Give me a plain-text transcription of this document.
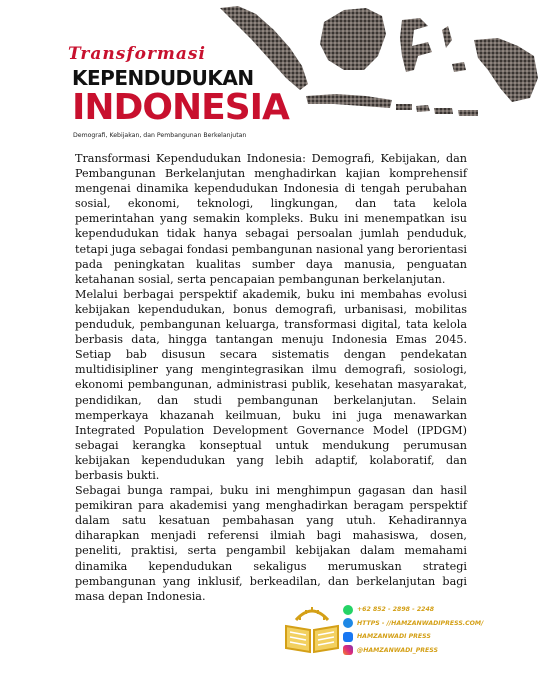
Transformasi
KEPENDUDUKAN
INDONESIA
Demografi, Kebijakan, dan Pembangunan Berkelanjutan

Transformasi Kependudukan Indonesia: Demografi, Kebijakan, dan Pembangunan Berkelanjutan menghadirkan kajian komprehensif mengenai dinamika kependudukan Indonesia di tengah perubahan sosial, ekonomi, teknologi, lingkungan, dan tata kelola pemerintahan yang semakin kompleks. Buku ini menempatkan isu kependudukan tidak hanya sebagai persoalan jumlah penduduk, tetapi juga sebagai fondasi pembangunan nasional yang berorientasi pada peningkatan kualitas sumber daya manusia, penguatan ketahanan sosial, serta pencapaian pembangunan berkelanjutan.

Melalui berbagai perspektif akademik, buku ini membahas evolusi kebijakan kependudukan, bonus demografi, urbanisasi, mobilitas penduduk, pembangunan keluarga, transformasi digital, tata kelola berbasis data, hingga tantangan menuju Indonesia Emas 2045. Setiap bab disusun secara sistematis dengan pendekatan multidisipliner yang mengintegrasikan ilmu demografi, sosiologi, ekonomi pembangunan, administrasi publik, kesehatan masyarakat, pendidikan, dan studi pembangunan berkelanjutan. Selain memperkaya khazanah keilmuan, buku ini juga menawarkan Integrated Population Development Governance Model (IPDGM) sebagai kerangka konseptual untuk mendukung perumusan kebijakan kependudukan yang lebih adaptif, kolaboratif, dan berbasis bukti.

Sebagai bunga rampai, buku ini menghimpun gagasan dan hasil pemikiran para akademisi yang menghadirkan beragam perspektif dalam satu kesatuan pembahasan yang utuh. Kehadirannya diharapkan menjadi referensi ilmiah bagi mahasiswa, dosen, peneliti, praktisi, serta pengambil kebijakan dalam memahami dinamika kependudukan sekaligus merumuskan strategi pembangunan yang inklusif, berkeadilan, dan berkelanjutan bagi masa depan Indonesia.

+62 852 - 2898 - 2248
HTTPS - //HAMZANWADIPRESS.COM/
HAMZANWADI PRESS
@HAMZANWADI_PRESS
